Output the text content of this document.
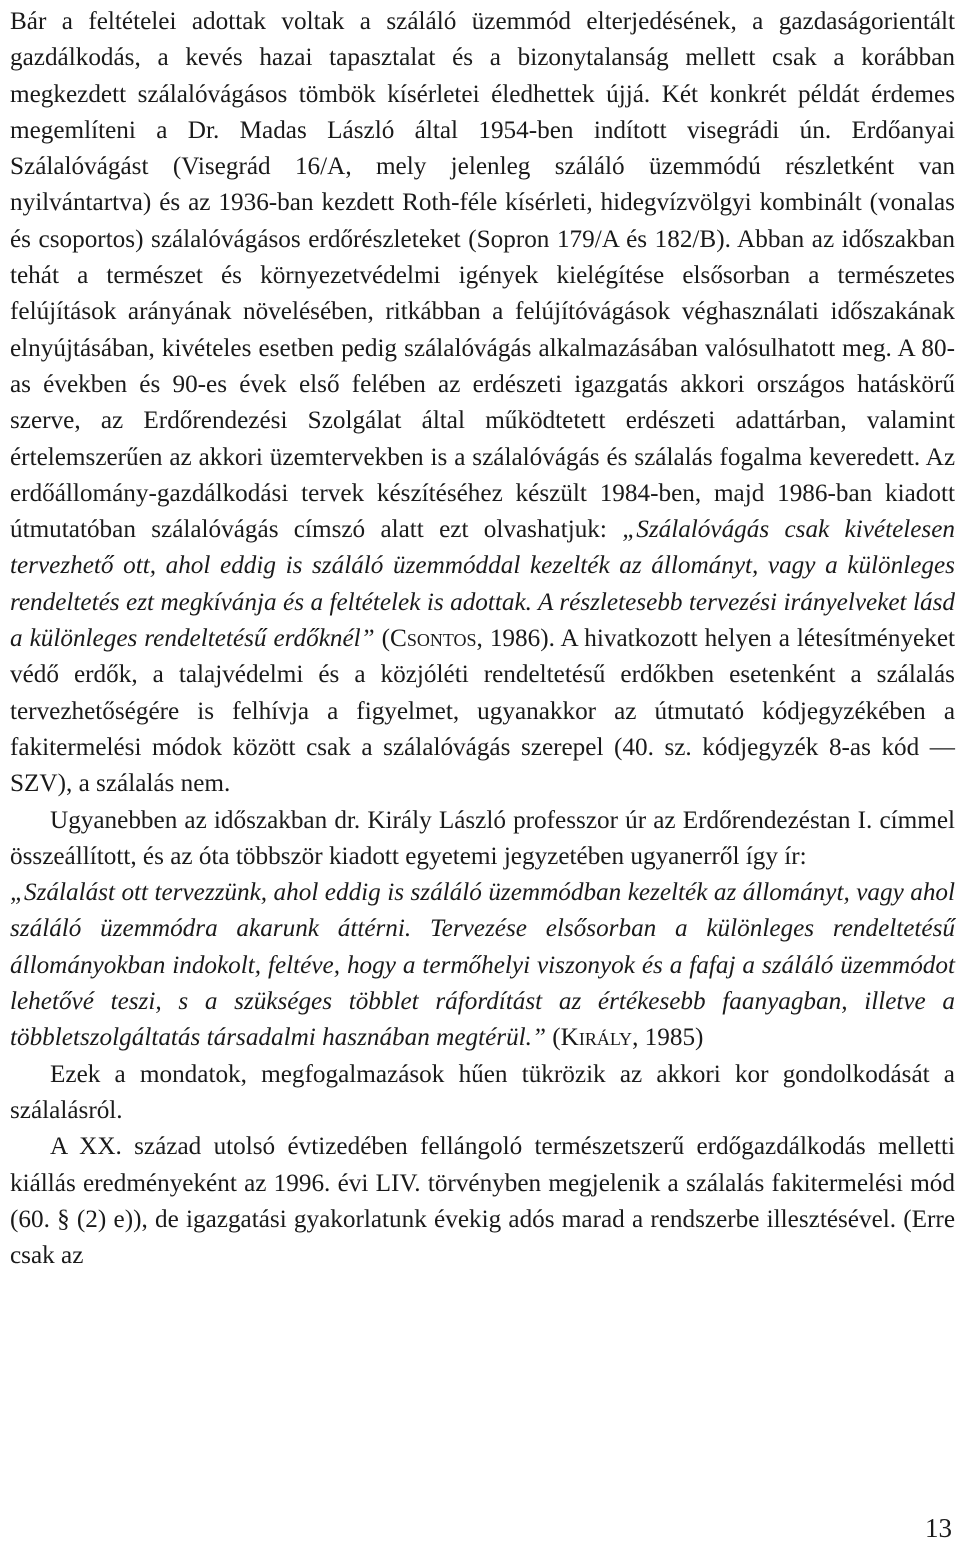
Bár a feltételei adottak voltak a száláló üzemmód elterjedésének, a gazdaságorientált gazdálkodás, a kevés hazai tapasztalat és a bizonytalanság mellett csak a korábban megkezdett szálalóvágásos tömbök kísérletei éledhettek újjá. Két konkrét példát érdemes megemlíteni a Dr. Madas László által 1954-ben indított visegrádi ún. Erdőanyai Szálalóvágást (Visegrád 16/A, mely jelenleg száláló üzemmódú részletként van nyilvántartva) és az 1936-ban kezdett Roth-féle kísérleti, hidegvízvölgyi kombinált (vonalas és csoportos) szálalóvágásos erdőrészleteket (Sopron 179/A és 182/B). Abban az időszakban tehát a természet és környezetvédelmi igények kielégítése elsősorban a természetes felújítások arányának növelésében, ritkábban a felújítóvágások véghasználati időszakának elnyújtásában, kivételes esetben pedig szálalóvágás alkalmazásában valósulhatott meg. A 80-as években és 90-es évek első felében az erdészeti igazgatás akkori országos hatáskörű szerve, az Erdőrendezési Szolgálat által működtetett erdészeti adattárban, valamint értelemszerűen az akkori üzemtervekben is a szálalóvágás és szálalás fogalma keveredett. Az erdőállomány-gazdálkodási tervek készítéséhez készült 1984-ben, majd 1986-ban kiadott útmutatóban szálalóvágás címszó alatt ezt olvashatjuk: „Szálalóvágás csak kivételesen tervezhető ott, ahol eddig is száláló üzemmóddal kezelték az állományt, vagy a különleges rendeltetés ezt megkívánja és a feltételek is adottak. A részletesebb tervezési irányelveket lásd a különleges rendeltetésű erdőknél” (Csontos, 1986). A hivatkozott helyen a létesítményeket védő erdők, a talajvédelmi és a közjóléti rendeltetésű erdőkben esetenként a szálalás tervezhetőségére is felhívja a figyelmet, ugyanakkor az útmutató kódjegyzékében a fakitermelési módok között csak a szálalóvágás szerepel (40. sz. kódjegyzék 8-as kód — SZV), a szálalás nem.

Ugyanebben az időszakban dr. Király László professzor úr az Erdőrendezéstan I. címmel összeállított, és az óta többször kiadott egyetemi jegyzetében ugyanerről így ír:

„Szálalást ott tervezzünk, ahol eddig is száláló üzemmódban kezelték az állományt, vagy ahol száláló üzemmódra akarunk áttérni. Tervezése elsősorban a különleges rendeltetésű állományokban indokolt, feltéve, hogy a termőhelyi viszonyok és a fafaj a száláló üzemmódot lehetővé teszi, s a szükséges többlet ráfordítást az értékesebb faanyagban, illetve a többletszolgáltatás társadalmi hasznában megtérül.” (Király, 1985)

Ezek a mondatok, megfogalmazások hűen tükrözik az akkori kor gondolkodását a szálalásról.

A XX. század utolsó évtizedében fellángoló természetszerű erdőgazdálkodás melletti kiállás eredményeként az 1996. évi LIV. törvényben megjelenik a szálalás fakitermelési mód (60. § (2) e)), de igazgatási gyakorlatunk évekig adós marad a rendszerbe illesztésével. (Erre csak az

13
